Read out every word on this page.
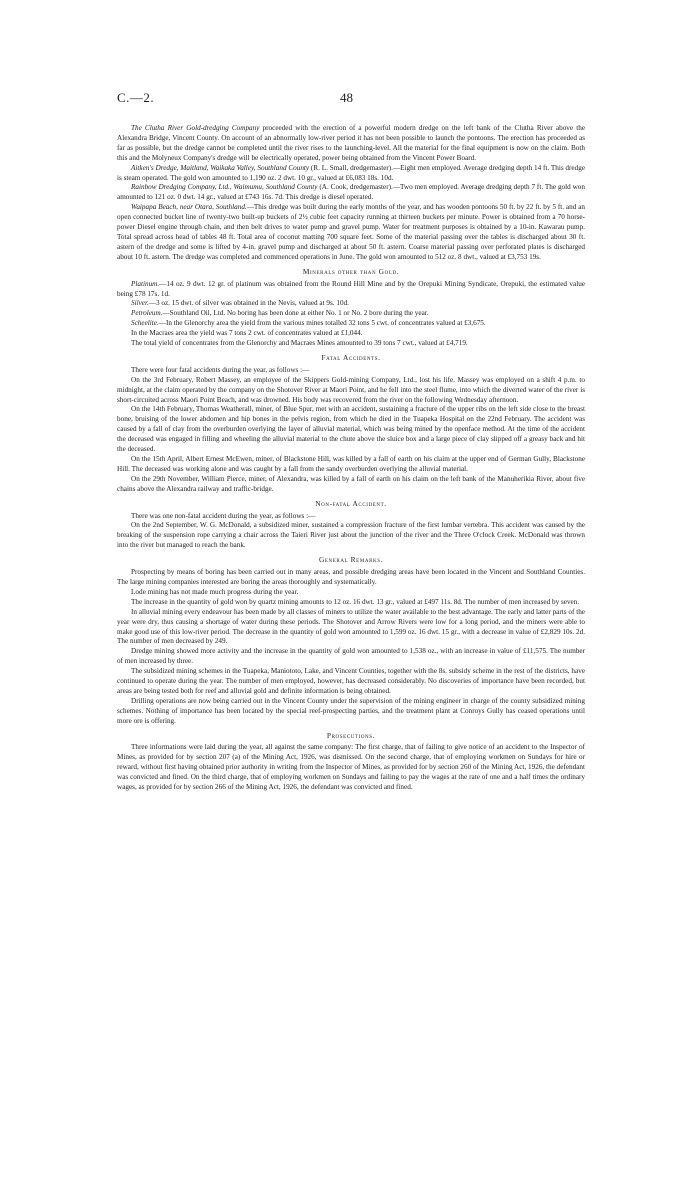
C.—2.	48

The Clutha River Gold-dredging Company proceeded with the erection of a powerful modern dredge on the left bank of the Clutha River above the Alexandra Bridge, Vincent County. On account of an abnormally low-river period it has not been possible to launch the pontoons. The erection has proceeded as far as possible, but the dredge cannot be completed until the river rises to the launching-level. All the material for the final equipment is now on the claim. Both this and the Molyneux Company's dredge will be electrically operated, power being obtained from the Vincent Power Board.

Aitken's Dredge, Maitland, Waikaka Valley, Southland County (R. L. Small, dredgemaster).—Eight men employed. Average dredging depth 14 ft. This dredge is steam operated. The gold won amounted to 1,190 oz. 2 dwt. 10 gr., valued at £6,083 18s. 10d.

Rainbow Dredging Company, Ltd., Waimumu, Southland County (A. Cook, dredgemaster).—Two men employed. Average dredging depth 7 ft. The gold won amounted to 121 oz. 0 dwt. 14 gr., valued at £743 16s. 7d. This dredge is diesel operated.

Waipapa Beach, near Otara, Southland.—This dredge was built during the early months of the year, and has wooden pontoons 50 ft. by 22 ft. by 5 ft. and an open connected bucket line of twenty-two built-up buckets of 2½ cubic feet capacity running at thirteen buckets per minute. Power is obtained from a 70 horse-power Diesel engine through chain, and then belt drives to water pump and gravel pump. Water for treatment purposes is obtained by a 10-in. Kawarau pump. Total spread across head of tables 48 ft. Total area of coconut matting 700 square feet. Some of the material passing over the tables is discharged about 30 ft. astern of the dredge and some is lifted by 4-in. gravel pump and discharged at about 50 ft. astern. Coarse material passing over perforated plates is discharged about 10 ft. astern. The dredge was completed and commenced operations in June. The gold won amounted to 512 oz. 8 dwt., valued at £3,753 19s.

Minerals other than Gold.

Platinum.—14 oz. 9 dwt. 12 gr. of platinum was obtained from the Round Hill Mine and by the Orepuki Mining Syndicate, Orepuki, the estimated value being £78 17s. 1d.

Silver.—3 oz. 15 dwt. of silver was obtained in the Nevis, valued at 9s. 10d.

Petroleum.—Southland Oil, Ltd. No boring has been done at either No. 1 or No. 2 bore during the year.

Scheelite.—In the Glenorchy area the yield from the various mines totalled 32 tons 5 cwt. of concentrates valued at £3,675.

In the Macraes area the yield was 7 tons 2 cwt. of concentrates valued at £1,044.

The total yield of concentrates from the Glenorchy and Macraes Mines amounted to 39 tons 7 cwt., valued at £4,719.

Fatal Accidents.

There were four fatal accidents during the year, as follows :—

On the 3rd February, Robert Massey, an employee of the Skippers Gold-mining Company, Ltd., lost his life. Massey was employed on a shift 4 p.m. to midnight, at the claim operated by the company on the Shotover River at Maori Point, and he fell into the steel flume, into which the diverted water of the river is short-circuited across Maori Point Beach, and was drowned. His body was recovered from the river on the following Wednesday afternoon.

On the 14th February, Thomas Weatherall, miner, of Blue Spur, met with an accident, sustaining a fracture of the upper ribs on the left side close to the breast bone, bruising of the lower abdomen and hip bones in the pelvis region, from which he died in the Tuapeka Hospital on the 22nd February. The accident was caused by a fall of clay from the overburden overlying the layer of alluvial material, which was being mined by the openface method. At the time of the accident the deceased was engaged in filling and wheeling the alluvial material to the chute above the sluice box and a large piece of clay slipped off a greasy back and hit the deceased.

On the 15th April, Albert Ernest McEwen, miner, of Blackstone Hill, was killed by a fall of earth on his claim at the upper end of German Gully, Blackstone Hill. The deceased was working alone and was caught by a fall from the sandy overburden overlying the alluvial material.

On the 29th November, William Pierce, miner, of Alexandra, was killed by a fall of earth on his claim on the left bank of the Manuherikia River, about five chains above the Alexandra railway and traffic-bridge.

Non-fatal Accident.

There was one non-fatal accident during the year, as follows :—

On the 2nd September, W. G. McDonald, a subsidized miner, sustained a compression fracture of the first lumbar vertebra. This accident was caused by the breaking of the suspension rope carrying a chair across the Taieri River just about the junction of the river and the Three O'clock Creek. McDonald was thrown into the river but managed to reach the bank.

General Remarks.

Prospecting by means of boring has been carried out in many areas, and possible dredging areas have been located in the Vincent and Southland Counties. The large mining companies interested are boring the areas thoroughly and systematically.

Lode mining has not made much progress during the year.

The increase in the quantity of gold won by quartz mining amounts to 12 oz. 16 dwt. 13 gr., valued at £497 11s. 8d. The number of men increased by seven.

In alluvial mining every endeavour has been made by all classes of miners to utilize the water available to the best advantage. The early and latter parts of the year were dry, thus causing a shortage of water during these periods. The Shotover and Arrow Rivers were low for a long period, and the miners were able to make good use of this low-river period. The decrease in the quantity of gold won amounted to 1,599 oz. 16 dwt. 15 gr., with a decrease in value of £2,829 10s. 2d. The number of men decreased by 249.

Dredge mining showed more activity and the increase in the quantity of gold won amounted to 1,538 oz., with an increase in value of £11,575. The number of men increased by three.

The subsidized mining schemes in the Tuapeka, Maniototo, Lake, and Vincent Counties, together with the 8s. subsidy scheme in the rest of the districts, have continued to operate during the year. The number of men employed, however, has decreased considerably. No discoveries of importance have been recorded, but areas are being tested both for reef and alluvial gold and definite information is being obtained.

Drilling operations are now being carried out in the Vincent County under the supervision of the mining engineer in charge of the county subsidized mining schemes. Nothing of importance has been located by the special reef-prospecting parties, and the treatment plant at Conroys Gully has ceased operations until more ore is offering.

Prosecutions.

Three informations were laid during the year, all against the same company: The first charge, that of failing to give notice of an accident to the Inspector of Mines, as provided for by section 207 (a) of the Mining Act, 1926, was dismissed. On the second charge, that of employing workmen on Sundays for hire or reward, without first having obtained prior authority in writing from the Inspector of Mines, as provided for by section 260 of the Mining Act, 1926, the defendant was convicted and fined. On the third charge, that of employing workmen on Sundays and failing to pay the wages at the rate of one and a half times the ordinary wages, as provided for by section 266 of the Mining Act, 1926, the defendant was convicted and fined.
